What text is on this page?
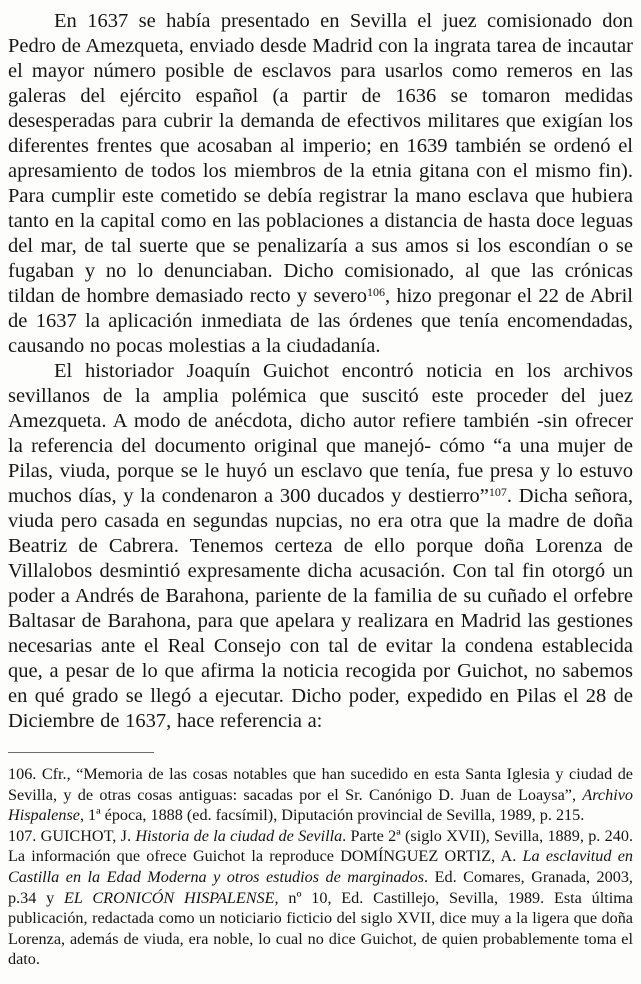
En 1637 se había presentado en Sevilla el juez comisionado don Pedro de Amezqueta, enviado desde Madrid con la ingrata tarea de incautar el mayor número posible de esclavos para usarlos como remeros en las galeras del ejército español (a partir de 1636 se tomaron medidas desesperadas para cubrir la demanda de efectivos militares que exigían los diferentes frentes que acosaban al imperio; en 1639 también se ordenó el apresamiento de todos los miembros de la etnia gitana con el mismo fin). Para cumplir este cometido se debía registrar la mano esclava que hubiera tanto en la capital como en las poblaciones a distancia de hasta doce leguas del mar, de tal suerte que se penalizaría a sus amos si los escondían o se fugaban y no lo denunciaban. Dicho comisionado, al que las crónicas tildan de hombre demasiado recto y severo$^{106}$, hizo pregonar el 22 de Abril de 1637 la aplicación inmediata de las órdenes que tenía encomendadas, causando no pocas molestias a la ciudadanía.

El historiador Joaquín Guichot encontró noticia en los archivos sevillanos de la amplia polémica que suscitó este proceder del juez Amezqueta. A modo de anécdota, dicho autor refiere también -sin ofrecer la referencia del documento original que manejó- cómo “a una mujer de Pilas, viuda, porque se le huyó un esclavo que tenía, fue presa y lo estuvo muchos días, y la condenaron a 300 ducados y destierro”$^{107}$. Dicha señora, viuda pero casada en segundas nupcias, no era otra que la madre de doña Beatriz de Cabrera. Tenemos certeza de ello porque doña Lorenza de Villalobos desmintió expresamente dicha acusación. Con tal fin otorgó un poder a Andrés de Barahona, pariente de la familia de su cuñado el orfebre Baltasar de Barahona, para que apelara y realizara en Madrid las gestiones necesarias ante el Real Consejo con tal de evitar la condena establecida que, a pesar de lo que afirma la noticia recogida por Guichot, no sabemos en qué grado se llegó a ejecutar. Dicho poder, expedido en Pilas el 28 de Diciembre de 1637, hace referencia a:

106. Cfr., “Memoria de las cosas notables que han sucedido en esta Santa Iglesia y ciudad de Sevilla, y de otras cosas antiguas: sacadas por el Sr. Canónigo D. Juan de Loaysa”, Archivo Hispalense, 1ª época, 1888 (ed. facsímil), Diputación provincial de Sevilla, 1989, p. 215.

107. GUICHOT, J. Historia de la ciudad de Sevilla. Parte 2ª (siglo XVII), Sevilla, 1889, p. 240. La información que ofrece Guichot la reproduce DOMÍNGUEZ ORTIZ, A. La esclavitud en Castilla en la Edad Moderna y otros estudios de marginados. Ed. Comares, Granada, 2003, p.34 y EL CRONICÓN HISPALENSE, nº 10, Ed. Castillejo, Sevilla, 1989. Esta última publicación, redactada como un noticiario ficticio del siglo XVII, dice muy a la ligera que doña Lorenza, además de viuda, era noble, lo cual no dice Guichot, de quien probablemente toma el dato.
